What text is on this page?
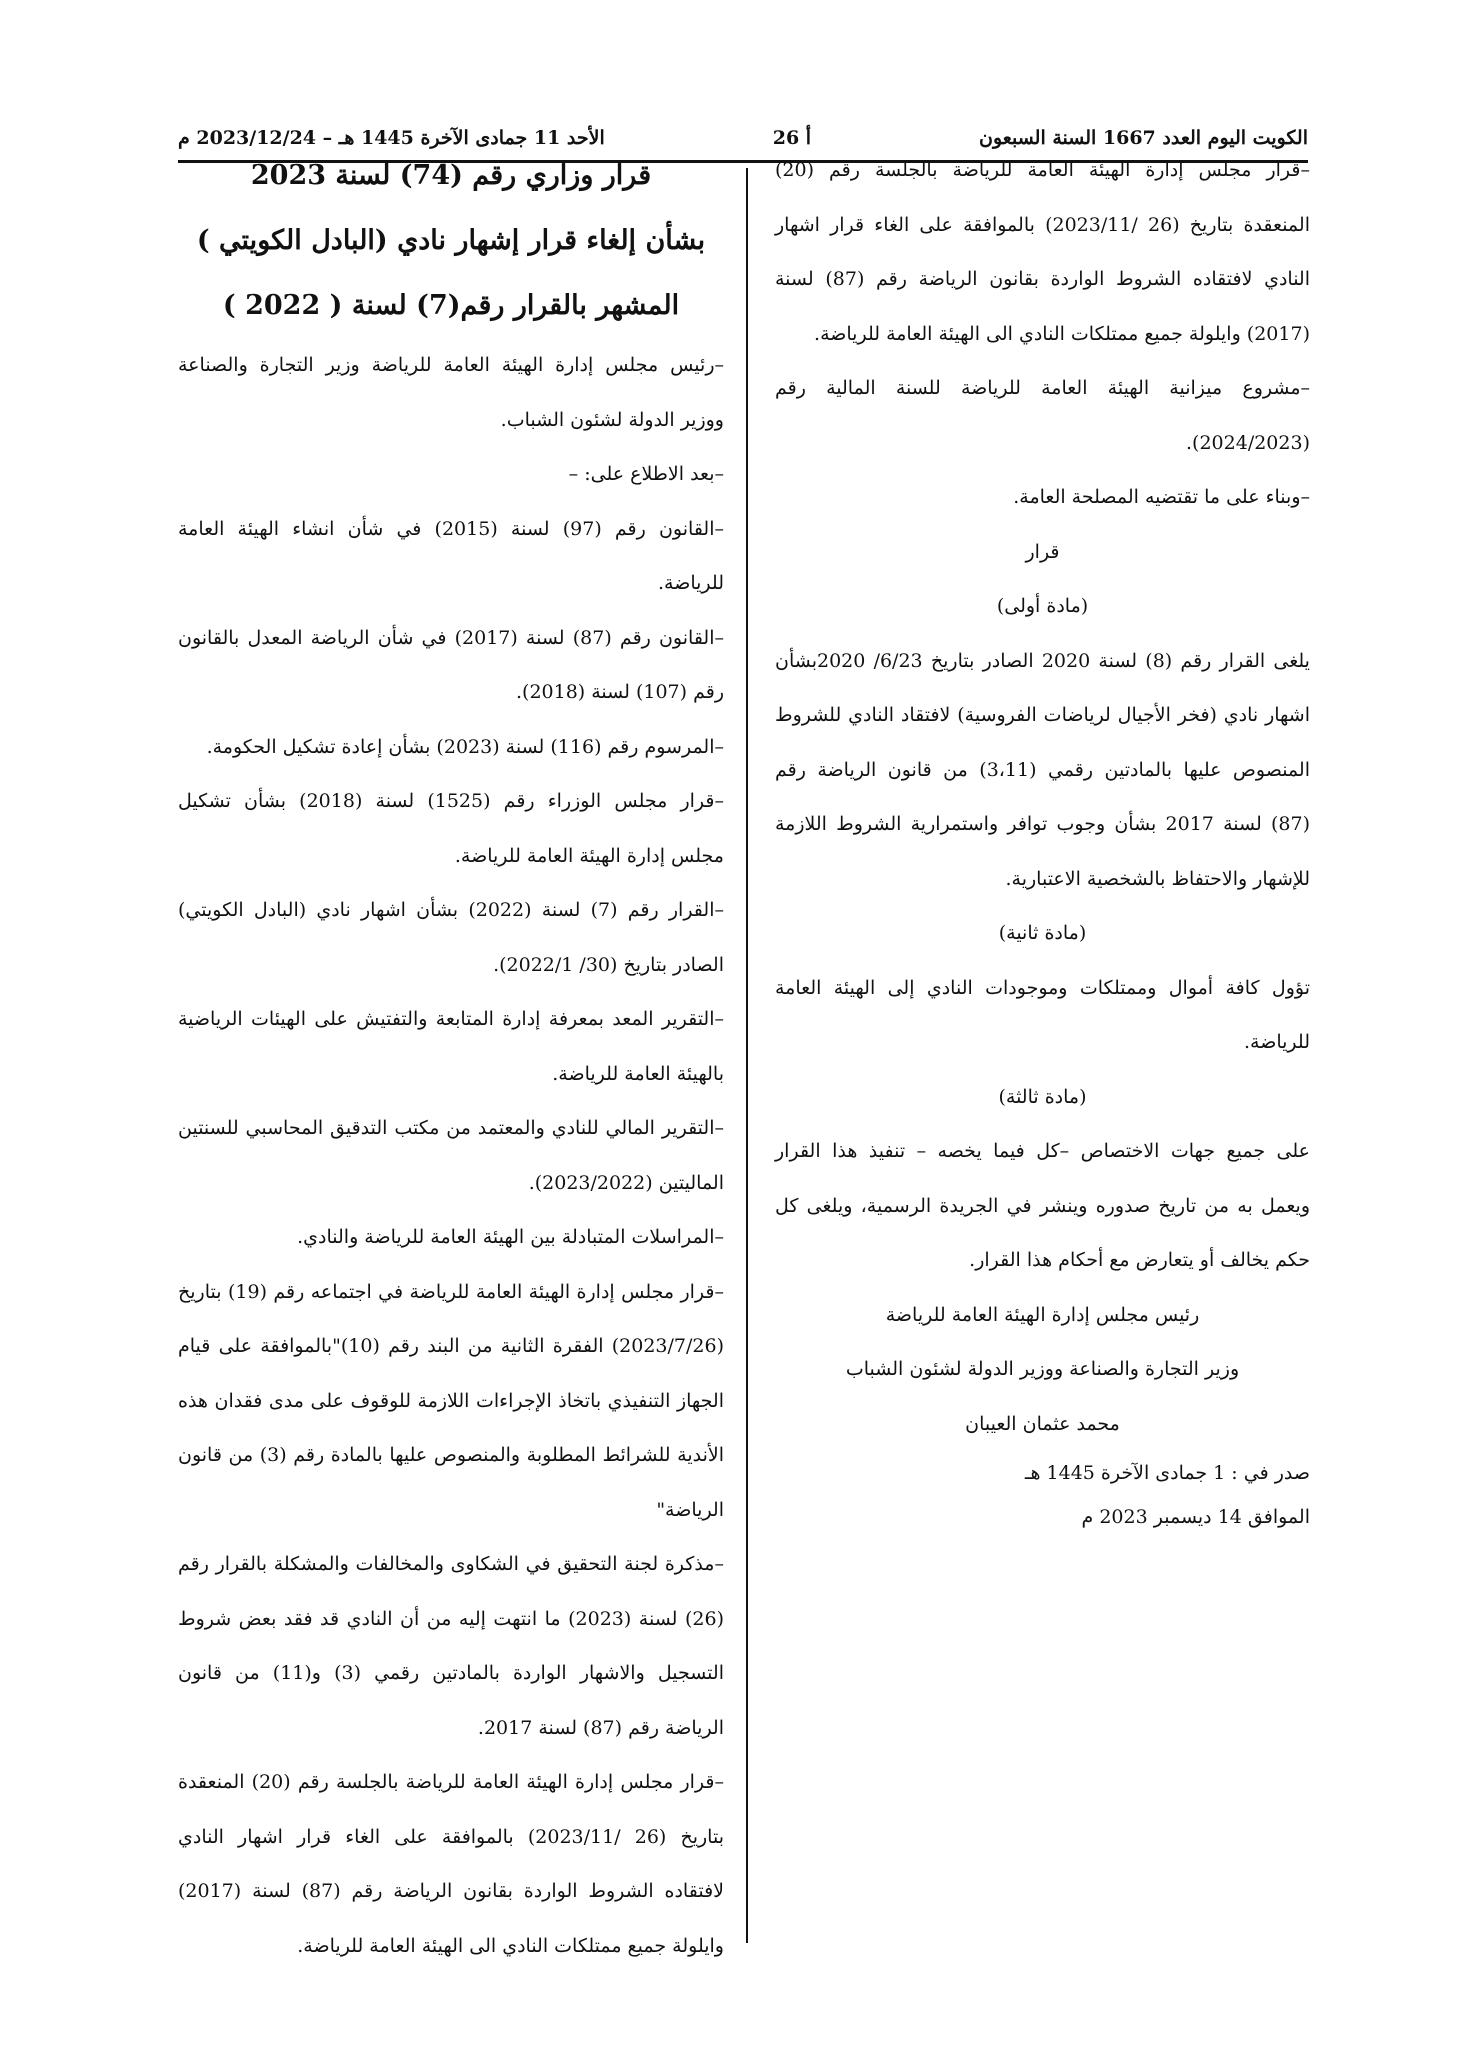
الكويت اليوم العدد 1667 السنة السبعون
أ 26
الأحد 11 جمادى الآخرة 1445 هـ – 2023/12/24 م

–قرار مجلس إدارة الهيئة العامة للرياضة بالجلسة رقم (20) المنعقدة بتاريخ (26 /2023/11) بالموافقة على الغاء قرار اشهار النادي لافتقاده الشروط الواردة بقانون الرياضة رقم (87) لسنة (2017) وايلولة جميع ممتلكات النادي الى الهيئة العامة للرياضة.

–مشروع ميزانية الهيئة العامة للرياضة للسنة المالية رقم (2024/2023).

–وبناء على ما تقتضيه المصلحة العامة.

قرار

(مادة أولى)

يلغى القرار رقم (8) لسنة 2020 الصادر بتاريخ 6/23/ 2020بشأن اشهار نادي (فخر الأجيال لرياضات الفروسية) لافتقاد النادي للشروط المنصوص عليها بالمادتين رقمي (3،11) من قانون الرياضة رقم (87) لسنة 2017 بشأن وجوب توافر واستمرارية الشروط اللازمة للإشهار والاحتفاظ بالشخصية الاعتبارية.

(مادة ثانية)

تؤول كافة أموال وممتلكات وموجودات النادي إلى الهيئة العامة للرياضة.

(مادة ثالثة)

على جميع جهات الاختصاص –كل فيما يخصه – تنفيذ هذا القرار ويعمل به من تاريخ صدوره وينشر في الجريدة الرسمية، ويلغى كل حكم يخالف أو يتعارض مع أحكام هذا القرار.

رئيس مجلس إدارة الهيئة العامة للرياضة

وزير التجارة والصناعة ووزير الدولة لشئون الشباب

محمد عثمان العيبان

صدر في : 1 جمادى الآخرة 1445 هـ

الموافق 14 ديسمبر 2023 م

قرار وزاري رقم (74) لسنة 2023

بشأن إلغاء قرار إشهار نادي (البادل الكويتي )

المشهر بالقرار رقم(7) لسنة ( 2022 )

–رئيس مجلس إدارة الهيئة العامة للرياضة وزير التجارة والصناعة ووزير الدولة لشئون الشباب.

–بعد الاطلاع على: –

–القانون رقم (97) لسنة (2015) في شأن انشاء الهيئة العامة للرياضة.

–القانون رقم (87) لسنة (2017) في شأن الرياضة المعدل بالقانون رقم (107) لسنة (2018).

–المرسوم رقم (116) لسنة (2023) بشأن إعادة تشكيل الحكومة.

–قرار مجلس الوزراء رقم (1525) لسنة (2018) بشأن تشكيل مجلس إدارة الهيئة العامة للرياضة.

–القرار رقم (7) لسنة (2022) بشأن اشهار نادي (البادل الكويتي) الصادر بتاريخ (30/ 2022/1).

–التقرير المعد بمعرفة إدارة المتابعة والتفتيش على الهيئات الرياضية بالهيئة العامة للرياضة.

–التقرير المالي للنادي والمعتمد من مكتب التدقيق المحاسبي للسنتين الماليتين (2023/2022).

–المراسلات المتبادلة بين الهيئة العامة للرياضة والنادي.

–قرار مجلس إدارة الهيئة العامة للرياضة في اجتماعه رقم (19) بتاريخ (2023/7/26) الفقرة الثانية من البند رقم (10)"بالموافقة على قيام الجهاز التنفيذي باتخاذ الإجراءات اللازمة للوقوف على مدى فقدان هذه الأندية للشرائط المطلوبة والمنصوص عليها بالمادة رقم (3) من قانون الرياضة"

–مذكرة لجنة التحقيق في الشكاوى والمخالفات والمشكلة بالقرار رقم (26) لسنة (2023) ما انتهت إليه من أن النادي قد فقد بعض شروط التسجيل والاشهار الواردة بالمادتين رقمي (3) و(11) من قانون الرياضة رقم (87) لسنة 2017.

–قرار مجلس إدارة الهيئة العامة للرياضة بالجلسة رقم (20) المنعقدة بتاريخ (26 /2023/11) بالموافقة على الغاء قرار اشهار النادي لافتقاده الشروط الواردة بقانون الرياضة رقم (87) لسنة (2017) وايلولة جميع ممتلكات النادي الى الهيئة العامة للرياضة.
